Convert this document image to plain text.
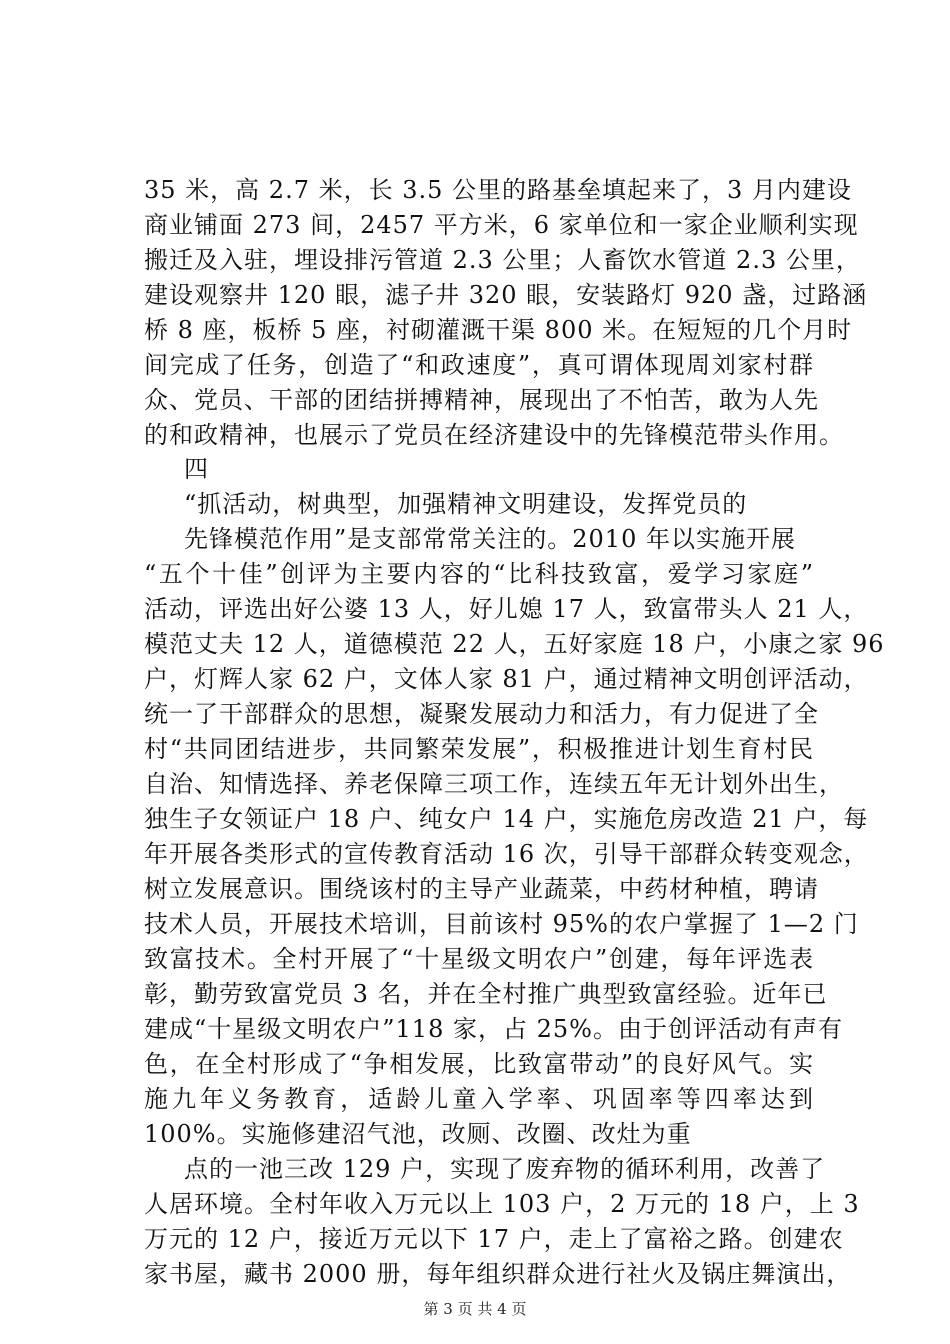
35 米，高 2.7 米，长 3.5 公里的路基垒填起来了，3 月内建设
商业铺面 273 间，2457 平方米，6 家单位和一家企业顺利实现
搬迁及入驻，埋设排污管道 2.3 公里；人畜饮水管道 2.3 公里，
建设观察井 120 眼，滤子井 320 眼，安装路灯 920 盏，过路涵
桥 8 座，板桥 5 座，衬砌灌溉干渠 800 米。在短短的几个月时
间完成了任务，创造了“和政速度”，真可谓体现周刘家村群
众、党员、干部的团结拼搏精神，展现出了不怕苦，敢为人先
的和政精神，也展示了党员在经济建设中的先锋模范带头作用。
四
“抓活动，树典型，加强精神文明建设，发挥党员的
先锋模范作用”是支部常常关注的。2010 年以实施开展
“五个十佳”创评为主要内容的“比科技致富，爱学习家庭”
活动，评选出好公婆 13 人，好儿媳 17 人，致富带头人 21 人，
模范丈夫 12 人，道德模范 22 人，五好家庭 18 户，小康之家 96
户，灯辉人家 62 户，文体人家 81 户，通过精神文明创评活动，
统一了干部群众的思想，凝聚发展动力和活力，有力促进了全
村“共同团结进步，共同繁荣发展”，积极推进计划生育村民
自治、知情选择、养老保障三项工作，连续五年无计划外出生，
独生子女领证户 18 户、纯女户 14 户，实施危房改造 21 户，每
年开展各类形式的宣传教育活动 16 次，引导干部群众转变观念，
树立发展意识。围绕该村的主导产业蔬菜，中药材种植，聘请
技术人员，开展技术培训，目前该村 95%的农户掌握了 1—2 门
致富技术。全村开展了“十星级文明农户”创建，每年评选表
彰，勤劳致富党员 3 名，并在全村推广典型致富经验。近年已
建成“十星级文明农户”118 家，占 25%。由于创评活动有声有
色，在全村形成了“争相发展，比致富带动”的良好风气。实
施九年义务教育，适龄儿童入学率、巩固率等四率达到
100%。实施修建沼气池，改厕、改圈、改灶为重
点的一池三改 129 户，实现了废弃物的循环利用，改善了
人居环境。全村年收入万元以上 103 户，2 万元的 18 户，上 3
万元的 12 户，接近万元以下 17 户，走上了富裕之路。创建农
家书屋，藏书 2000 册，每年组织群众进行社火及锅庄舞演出，
第 3 页 共 4 页
